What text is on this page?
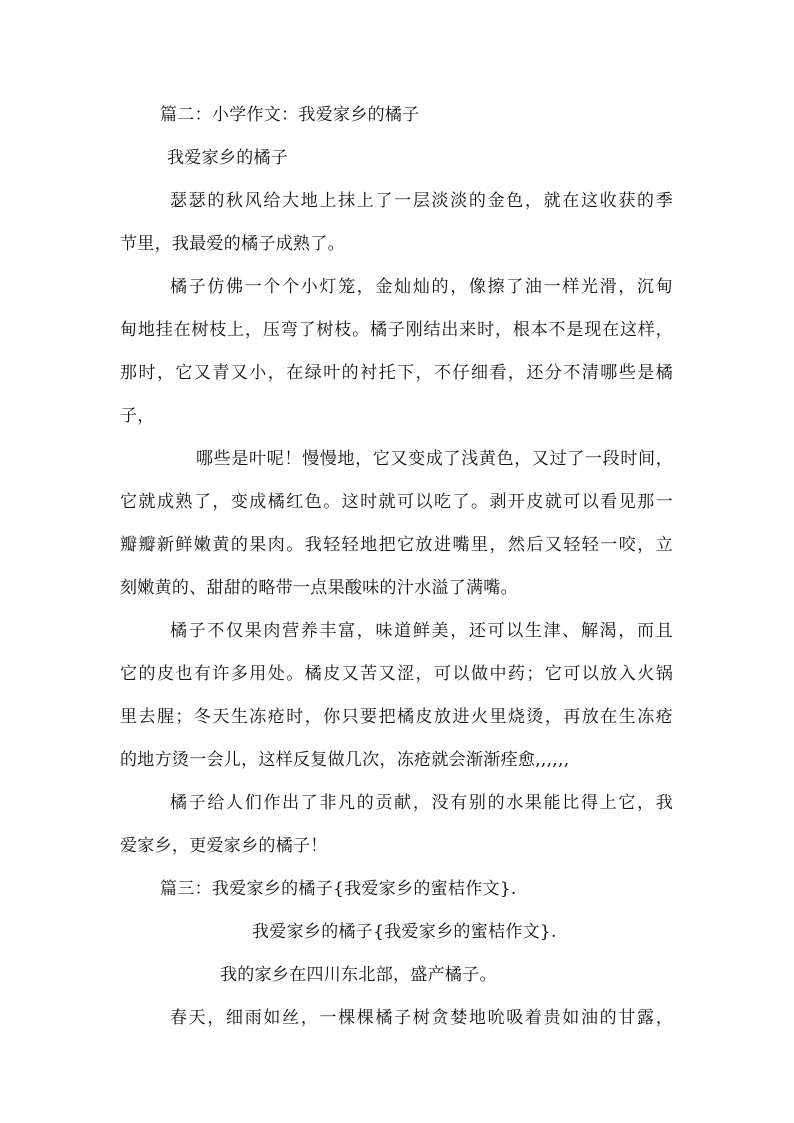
篇二：小学作文：我爱家乡的橘子
我爱家乡的橘子
瑟瑟的秋风给大地上抹上了一层淡淡的金色，就在这收获的季
节里，我最爱的橘子成熟了。
橘子仿佛一个个小灯笼，金灿灿的，像擦了油一样光滑，沉甸
甸地挂在树枝上，压弯了树枝。橘子刚结出来时，根本不是现在这样，
那时，它又青又小，在绿叶的衬托下，不仔细看，还分不清哪些是橘
子，
哪些是叶呢！慢慢地，它又变成了浅黄色，又过了一段时间，
它就成熟了，变成橘红色。这时就可以吃了。剥开皮就可以看见那一
瓣瓣新鲜嫩黄的果肉。我轻轻地把它放进嘴里，然后又轻轻一咬，立
刻嫩黄的、甜甜的略带一点果酸味的汁水溢了满嘴。
橘子不仅果肉营养丰富，味道鲜美，还可以生津、解渴，而且
它的皮也有许多用处。橘皮又苦又涩，可以做中药；它可以放入火锅
里去腥；冬天生冻疮时，你只要把橘皮放进火里烧烫，再放在生冻疮
的地方烫一会儿，这样反复做几次，冻疮就会渐渐痊愈,,,,,,
橘子给人们作出了非凡的贡献，没有别的水果能比得上它，我
爱家乡，更爱家乡的橘子！
篇三：我爱家乡的橘子{我爱家乡的蜜桔作文}.
我爱家乡的橘子{我爱家乡的蜜桔作文}.
我的家乡在四川东北部，盛产橘子。
春天，细雨如丝，一棵棵橘子树贪婪地吮吸着贵如油的甘露，
